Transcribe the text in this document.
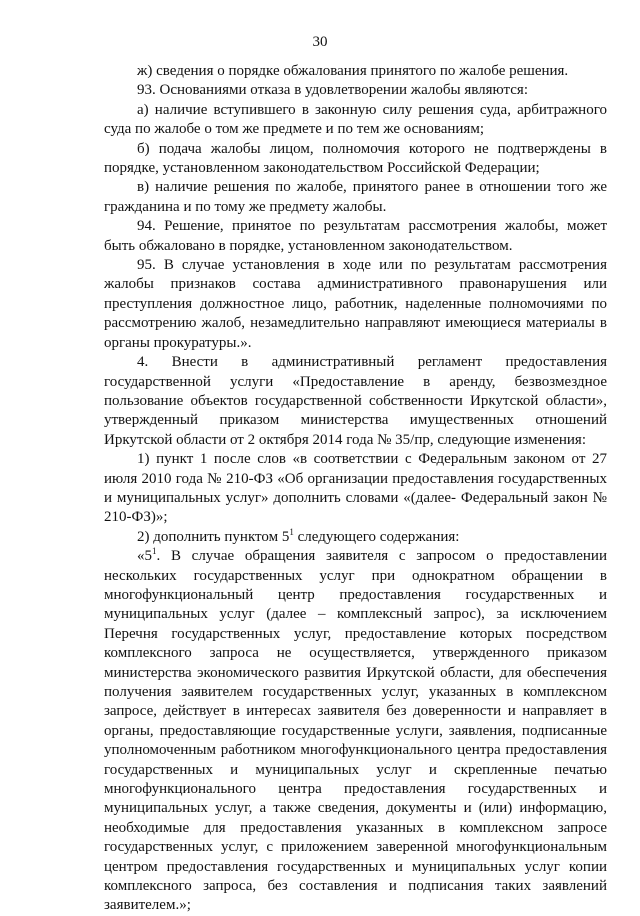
30

ж) сведения о порядке обжалования принятого по жалобе решения.

93. Основаниями отказа в удовлетворении жалобы являются:

а) наличие вступившего в законную силу решения суда, арбитражного суда по жалобе о том же предмете и по тем же основаниям;

б) подача жалобы лицом, полномочия которого не подтверждены в порядке, установленном законодательством Российской Федерации;

в) наличие решения по жалобе, принятого ранее в отношении того же гражданина и по тому же предмету жалобы.

94. Решение, принятое по результатам рассмотрения жалобы, может быть обжаловано в порядке, установленном законодательством.

95. В случае установления в ходе или по результатам рассмотрения жалобы признаков состава административного правонарушения или преступления должностное лицо, работник, наделенные полномочиями по рассмотрению жалоб, незамедлительно направляют имеющиеся материалы в органы прокуратуры.».

4. Внести в административный регламент предоставления государственной услуги «Предоставление в аренду, безвозмездное пользование объектов государственной собственности Иркутской области», утвержденный приказом министерства имущественных отношений Иркутской области от 2 октября 2014 года № 35/пр, следующие изменения:

1) пункт 1 после слов «в соответствии с Федеральным законом от 27 июля 2010 года № 210-ФЗ «Об организации предоставления государственных и муниципальных услуг» дополнить словами «(далее- Федеральный закон № 210-ФЗ)»;

2) дополнить пунктом $5^1$ следующего содержания:

«$5^1$. В случае обращения заявителя с запросом о предоставлении нескольких государственных услуг при однократном обращении в многофункциональный центр предоставления государственных и муниципальных услуг (далее – комплексный запрос), за исключением Перечня государственных услуг, предоставление которых посредством комплексного запроса не осуществляется, утвержденного приказом министерства экономического развития Иркутской области, для обеспечения получения заявителем государственных услуг, указанных в комплексном запросе, действует в интересах заявителя без доверенности и направляет в органы, предоставляющие государственные услуги, заявления, подписанные уполномоченным работником многофункционального центра предоставления государственных и муниципальных услуг и скрепленные печатью многофункционального центра предоставления государственных и муниципальных услуг, а также сведения, документы и (или) информацию, необходимые для предоставления указанных в комплексном запросе государственных услуг, с приложением заверенной многофункциональным центром предоставления государственных и муниципальных услуг копии комплексного запроса, без составления и подписания таких заявлений заявителем.»;
